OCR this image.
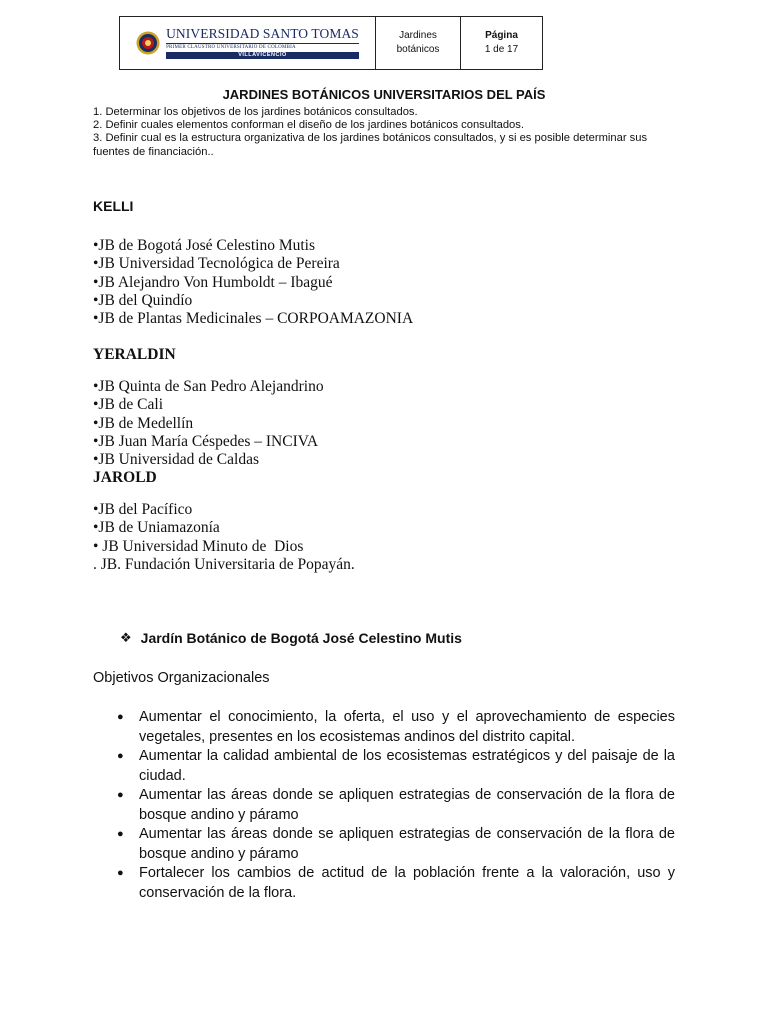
UNIVERSIDAD SANTO TOMAS
PRIMER CLAUSTRO UNIVERSITARIO DE COLOMBIA
VILLAVICENCIO
Jardines
botánicos
Página
1 de 17
JARDINES BOTÁNICOS UNIVERSITARIOS DEL PAÍS

1. Determinar los objetivos de los jardines botánicos consultados.

2. Definir cuales elementos conforman el diseño de los jardines botánicos consultados.

3. Definir cual es la estructura organizativa de los jardines botánicos consultados, y si es posible determinar sus fuentes de financiación..

KELLI
•JB de Bogotá José Celestino Mutis
•JB Universidad Tecnológica de Pereira
•JB Alejandro Von Humboldt – Ibagué
•JB del Quindío
•JB de Plantas Medicinales – CORPOAMAZONIA
YERALDIN
•JB Quinta de San Pedro Alejandrino
•JB de Cali
•JB de Medellín
•JB Juan María Céspedes – INCIVA
•JB Universidad de Caldas
JAROLD
•JB del Pacífico
•JB de Uniamazonía
• JB Universidad Minuto de  Dios
. JB. Fundación Universitaria de Popayán.
❖ Jardín Botánico de Bogotá José Celestino Mutis
Objetivos Organizacionales
●	Aumentar el conocimiento, la oferta, el uso y el aprovechamiento de especies vegetales, presentes en los ecosistemas andinos del distrito capital.
●	Aumentar la calidad ambiental de los ecosistemas estratégicos y del paisaje de la ciudad.
●	Aumentar las áreas donde se apliquen estrategias de conservación de la flora de bosque andino y páramo
●	Aumentar las áreas donde se apliquen estrategias de conservación de la flora de bosque andino y páramo
●	Fortalecer los cambios de actitud de la población frente a la valoración, uso y conservación de la flora.
